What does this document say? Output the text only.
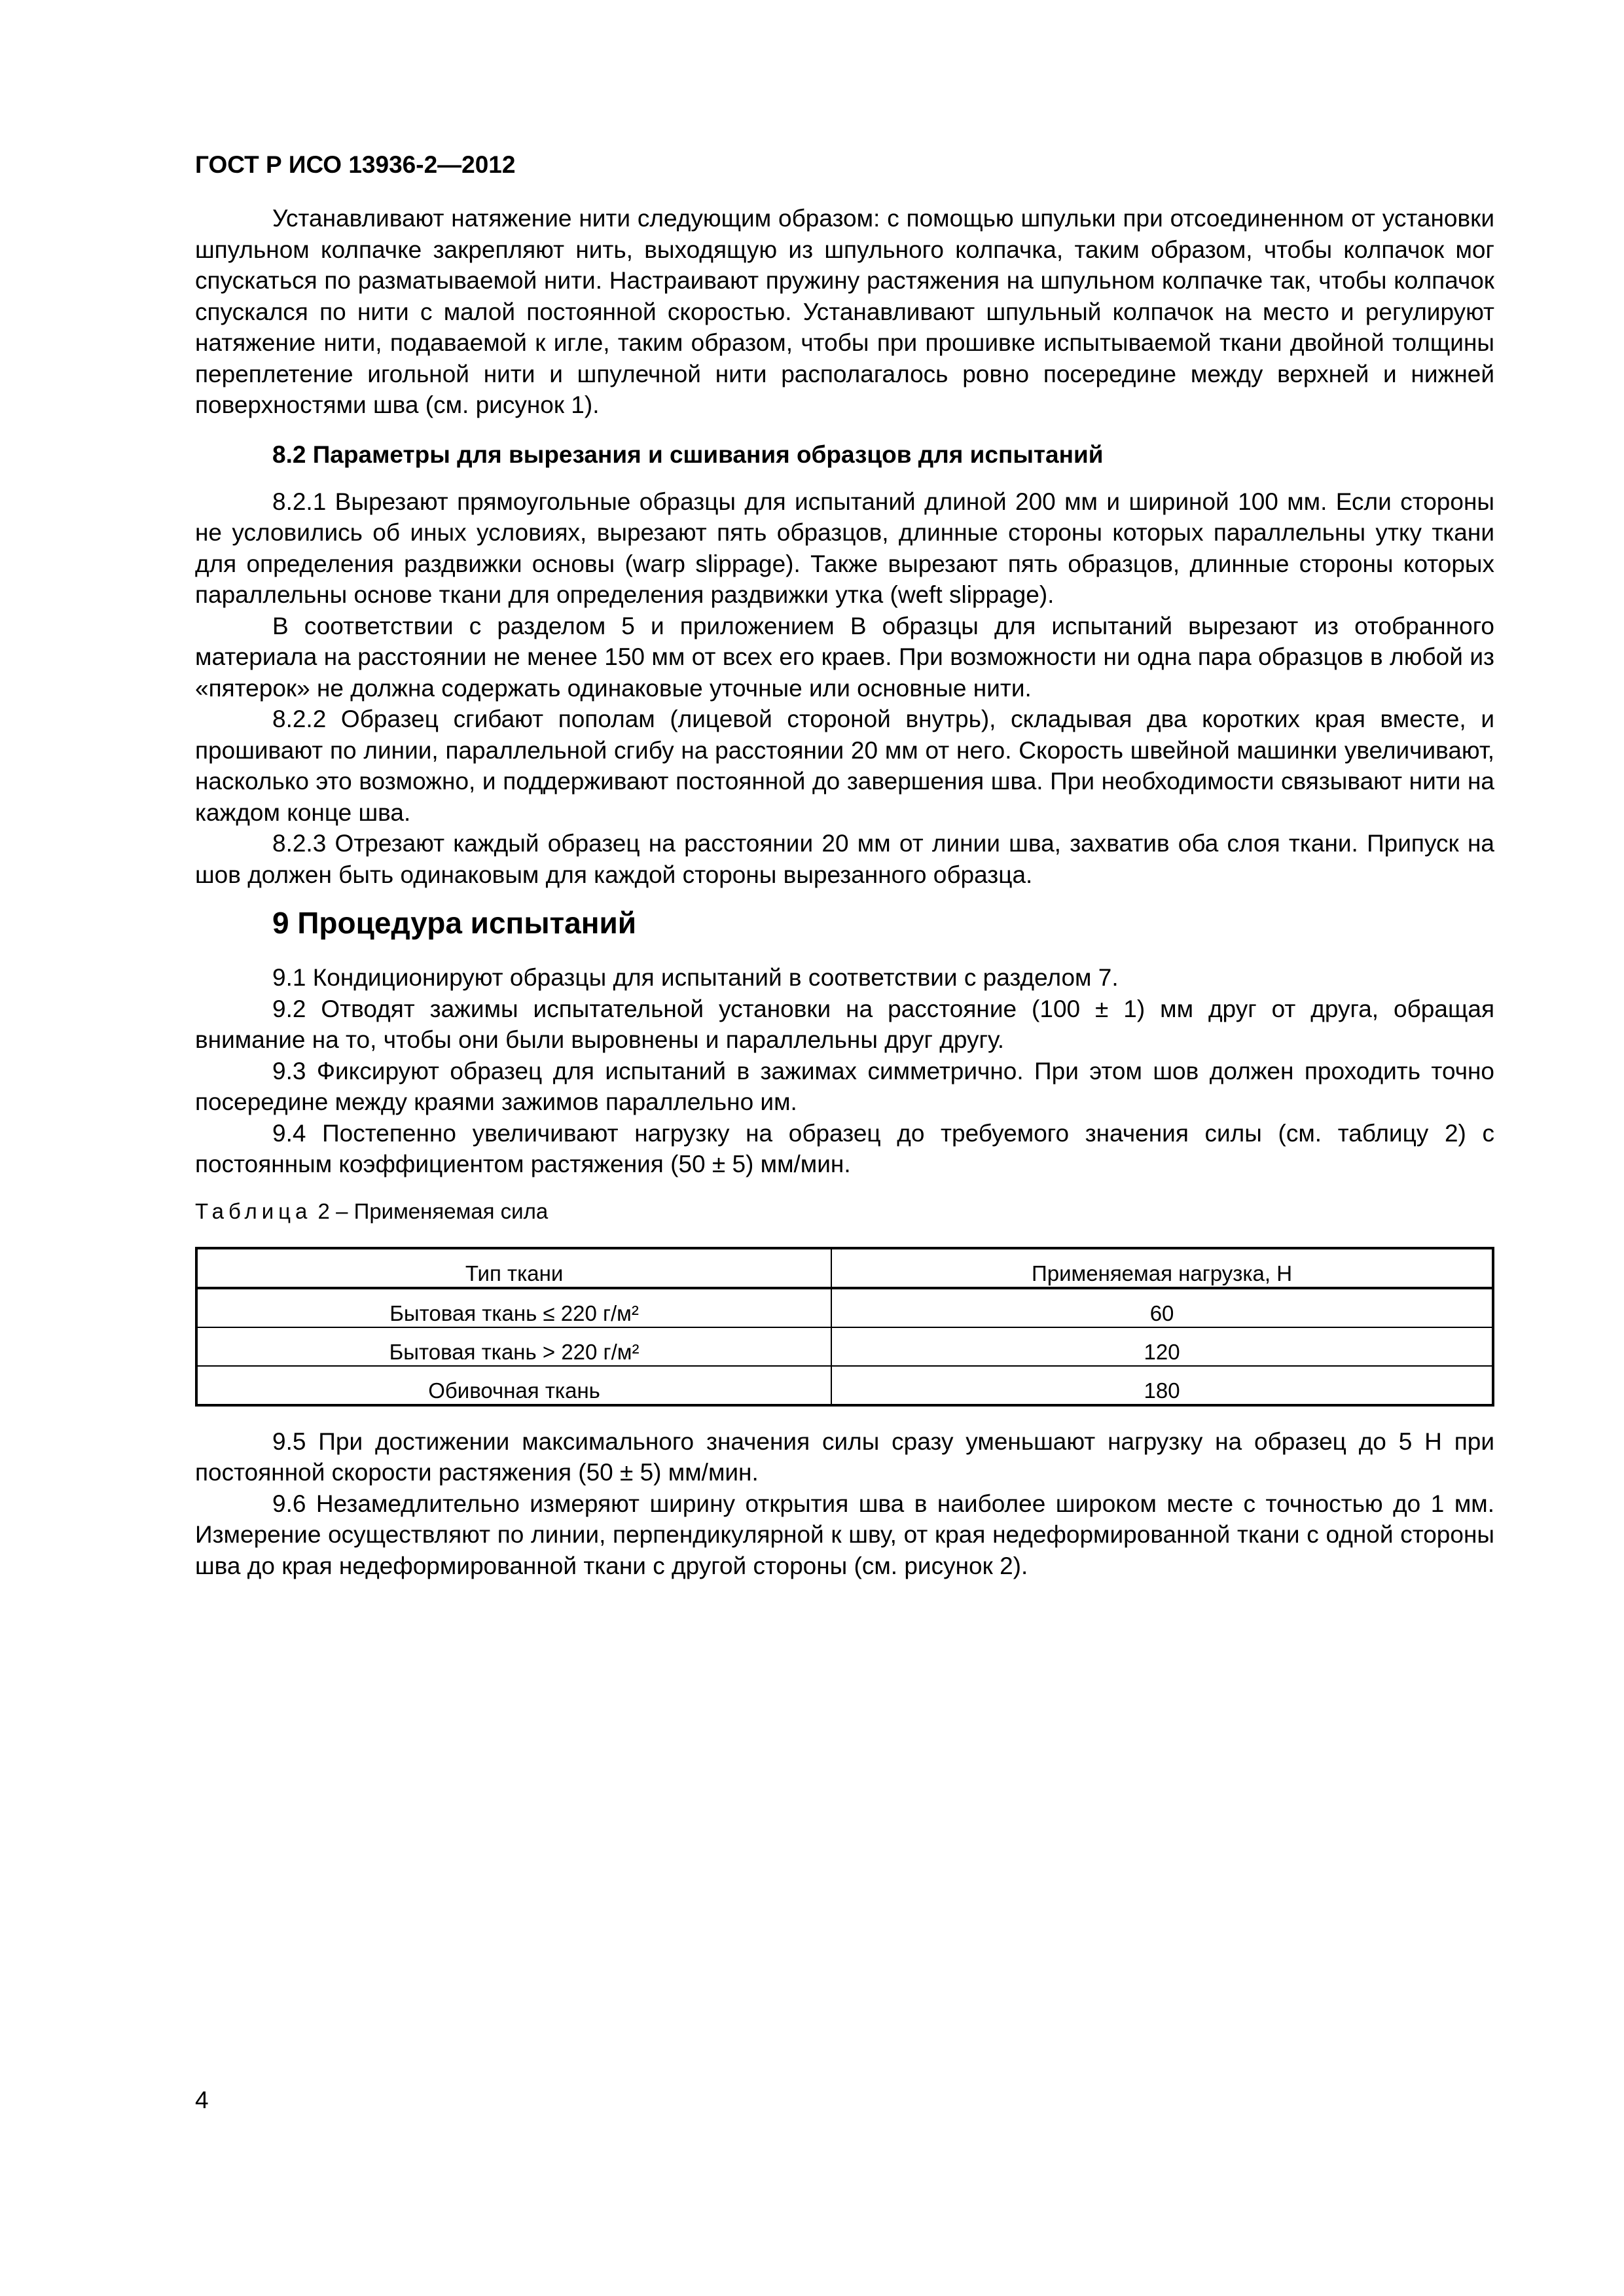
ГОСТ Р ИСО 13936-2—2012

Устанавливают натяжение нити следующим образом: с помощью шпульки при отсоединенном от установки шпульном колпачке закрепляют нить, выходящую из шпульного колпачка, таким образом, чтобы колпачок мог спускаться по разматываемой нити. Настраивают пружину растяжения на шпульном колпачке так, чтобы колпачок спускался по нити с малой постоянной скоростью. Устанавливают шпульный колпачок на место и регулируют натяжение нити, подаваемой к игле, таким образом, чтобы при прошивке испытываемой ткани двойной толщины переплетение игольной нити и шпулечной нити располагалось ровно посередине между верхней и нижней поверхностями шва (см. рисунок 1).

8.2 Параметры для вырезания и сшивания образцов для испытаний

8.2.1 Вырезают прямоугольные образцы для испытаний длиной 200 мм и шириной 100 мм. Если стороны не условились об иных условиях, вырезают пять образцов, длинные стороны которых параллельны утку ткани для определения раздвижки основы (warp slippage). Также вырезают пять образцов, длинные стороны которых параллельны основе ткани для определения раздвижки утка (weft slippage).

В соответствии с разделом 5 и приложением В образцы для испытаний вырезают из отобранного материала на расстоянии не менее 150 мм от всех его краев. При возможности ни одна пара образцов в любой из «пятерок» не должна содержать одинаковые уточные или основные нити.

8.2.2 Образец сгибают пополам (лицевой стороной внутрь), складывая два коротких края вместе, и прошивают по линии, параллельной сгибу на расстоянии 20 мм от него. Скорость швейной машинки увеличивают, насколько это возможно, и поддерживают постоянной до завершения шва. При необходимости связывают нити на каждом конце шва.

8.2.3 Отрезают каждый образец на расстоянии 20 мм от линии шва, захватив оба слоя ткани. Припуск на шов должен быть одинаковым для каждой стороны вырезанного образца.

9 Процедура испытаний

9.1 Кондиционируют образцы для испытаний в соответствии с разделом 7.

9.2 Отводят зажимы испытательной установки на расстояние (100 ± 1) мм друг от друга, обращая внимание на то, чтобы они были выровнены и параллельны друг другу.

9.3 Фиксируют образец для испытаний в зажимах симметрично. При этом шов должен проходить точно посередине между краями зажимов параллельно им.

9.4 Постепенно увеличивают нагрузку на образец до требуемого значения силы (см. таблицу 2) с постоянным коэффициентом растяжения (50 ± 5) мм/мин.

Таблица 2 – Применяемая сила
Тип ткани	Применяемая нагрузка, Н
Бытовая ткань ≤ 220 г/м²	60
Бытовая ткань > 220 г/м²	120
Обивочная ткань	180

9.5 При достижении максимального значения силы сразу уменьшают нагрузку на образец до 5 Н при постоянной скорости растяжения (50 ± 5) мм/мин.

9.6 Незамедлительно измеряют ширину открытия шва в наиболее широком месте с точностью до 1 мм. Измерение осуществляют по линии, перпендикулярной к шву, от края недеформированной ткани с одной стороны шва до края недеформированной ткани с другой стороны (см. рисунок 2).

4
